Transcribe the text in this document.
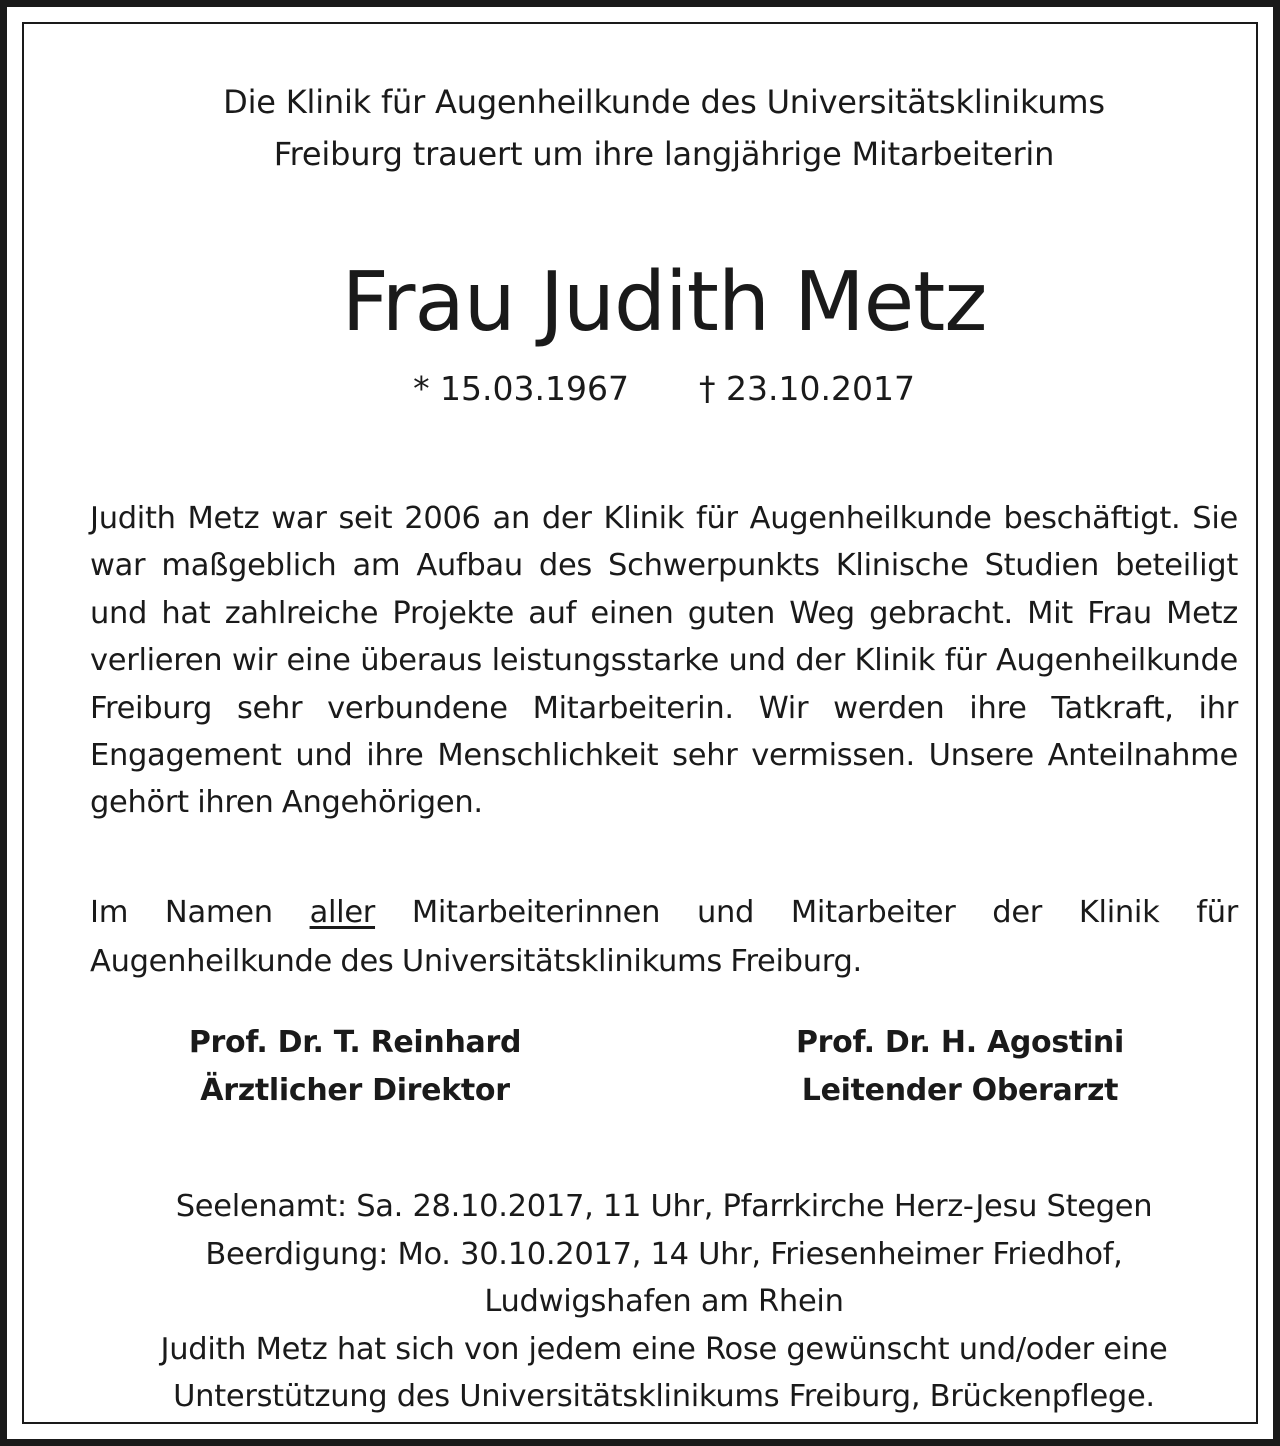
Die Klinik für Augenheilkunde des Universitätsklinikums
Freiburg trauert um ihre langjährige Mitarbeiterin
Frau Judith Metz
* 15.03.1967 † 23.10.2017
Judith Metz war seit 2006 an der Klinik für Augenheilkunde beschäftigt. Sie war maßgeblich am Aufbau des Schwerpunkts Klinische Studien beteiligt und hat zahlreiche Projekte auf einen guten Weg gebracht. Mit Frau Metz verlieren wir eine überaus leistungsstarke und der Klinik für Augenheilkunde Freiburg sehr verbundene Mitarbeiterin. Wir werden ihre Tatkraft, ihr Engagement und ihre Menschlichkeit sehr vermissen. Unsere Anteilnahme gehört ihren Angehörigen.
Im Namen aller Mitarbeiterinnen und Mitarbeiter der Klinik für Augenheilkunde des Universitätsklinikums Freiburg.
Prof. Dr. T. Reinhard
Ärztlicher Direktor
Prof. Dr. H. Agostini
Leitender Oberarzt
Seelenamt: Sa. 28.10.2017, 11 Uhr, Pfarrkirche Herz-Jesu Stegen
Beerdigung: Mo. 30.10.2017, 14 Uhr, Friesenheimer Friedhof,
Ludwigshafen am Rhein
Judith Metz hat sich von jedem eine Rose gewünscht und/oder eine
Unterstützung des Universitätsklinikums Freiburg, Brückenpflege.
